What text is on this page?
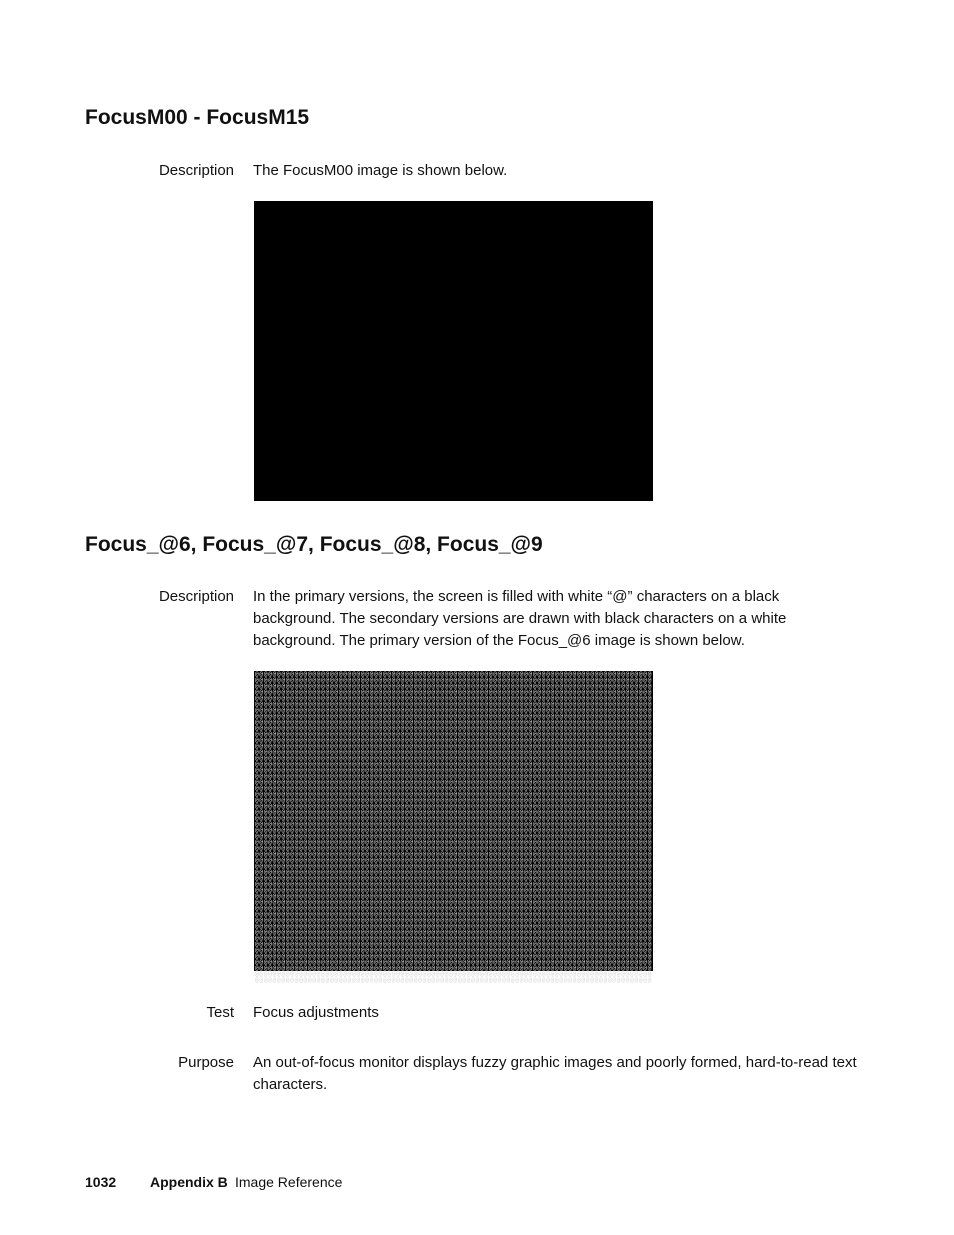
FocusM00 - FocusM15
Description The FocusM00 image is shown below.
Focus_@6, Focus_@7, Focus_@8, Focus_@9
Description In the primary versions, the screen is filled with white “@” characters on a black background. The secondary versions are drawn with black characters on a white background. The primary version of the Focus_@6 image is shown below.
@@@@@@@@@@@@@@@@@@@@@@@@@@@@@@@@@@@@@@@@@@@@@@@@@@@@@@@@@@@@@@@@@@@@@@@@@@@@@@@@@@@@@@@@@@
@@@@@@@@@@@@@@@@@@@@@@@@@@@@@@@@@@@@@@@@@@@@@@@@@@@@@@@@@@@@@@@@@@@@@@@@@@@@@@@@@@@@@@@@@@
@@@@@@@@@@@@@@@@@@@@@@@@@@@@@@@@@@@@@@@@@@@@@@@@@@@@@@@@@@@@@@@@@@@@@@@@@@@@@@@@@@@@@@@@@@
@@@@@@@@@@@@@@@@@@@@@@@@@@@@@@@@@@@@@@@@@@@@@@@@@@@@@@@@@@@@@@@@@@@@@@@@@@@@@@@@@@@@@@@@@@
@@@@@@@@@@@@@@@@@@@@@@@@@@@@@@@@@@@@@@@@@@@@@@@@@@@@@@@@@@@@@@@@@@@@@@@@@@@@@@@@@@@@@@@@@@
@@@@@@@@@@@@@@@@@@@@@@@@@@@@@@@@@@@@@@@@@@@@@@@@@@@@@@@@@@@@@@@@@@@@@@@@@@@@@@@@@@@@@@@@@@
@@@@@@@@@@@@@@@@@@@@@@@@@@@@@@@@@@@@@@@@@@@@@@@@@@@@@@@@@@@@@@@@@@@@@@@@@@@@@@@@@@@@@@@@@@
@@@@@@@@@@@@@@@@@@@@@@@@@@@@@@@@@@@@@@@@@@@@@@@@@@@@@@@@@@@@@@@@@@@@@@@@@@@@@@@@@@@@@@@@@@
@@@@@@@@@@@@@@@@@@@@@@@@@@@@@@@@@@@@@@@@@@@@@@@@@@@@@@@@@@@@@@@@@@@@@@@@@@@@@@@@@@@@@@@@@@
@@@@@@@@@@@@@@@@@@@@@@@@@@@@@@@@@@@@@@@@@@@@@@@@@@@@@@@@@@@@@@@@@@@@@@@@@@@@@@@@@@@@@@@@@@
@@@@@@@@@@@@@@@@@@@@@@@@@@@@@@@@@@@@@@@@@@@@@@@@@@@@@@@@@@@@@@@@@@@@@@@@@@@@@@@@@@@@@@@@@@
@@@@@@@@@@@@@@@@@@@@@@@@@@@@@@@@@@@@@@@@@@@@@@@@@@@@@@@@@@@@@@@@@@@@@@@@@@@@@@@@@@@@@@@@@@
@@@@@@@@@@@@@@@@@@@@@@@@@@@@@@@@@@@@@@@@@@@@@@@@@@@@@@@@@@@@@@@@@@@@@@@@@@@@@@@@@@@@@@@@@@
@@@@@@@@@@@@@@@@@@@@@@@@@@@@@@@@@@@@@@@@@@@@@@@@@@@@@@@@@@@@@@@@@@@@@@@@@@@@@@@@@@@@@@@@@@
@@@@@@@@@@@@@@@@@@@@@@@@@@@@@@@@@@@@@@@@@@@@@@@@@@@@@@@@@@@@@@@@@@@@@@@@@@@@@@@@@@@@@@@@@@
@@@@@@@@@@@@@@@@@@@@@@@@@@@@@@@@@@@@@@@@@@@@@@@@@@@@@@@@@@@@@@@@@@@@@@@@@@@@@@@@@@@@@@@@@@
@@@@@@@@@@@@@@@@@@@@@@@@@@@@@@@@@@@@@@@@@@@@@@@@@@@@@@@@@@@@@@@@@@@@@@@@@@@@@@@@@@@@@@@@@@
@@@@@@@@@@@@@@@@@@@@@@@@@@@@@@@@@@@@@@@@@@@@@@@@@@@@@@@@@@@@@@@@@@@@@@@@@@@@@@@@@@@@@@@@@@
@@@@@@@@@@@@@@@@@@@@@@@@@@@@@@@@@@@@@@@@@@@@@@@@@@@@@@@@@@@@@@@@@@@@@@@@@@@@@@@@@@@@@@@@@@
@@@@@@@@@@@@@@@@@@@@@@@@@@@@@@@@@@@@@@@@@@@@@@@@@@@@@@@@@@@@@@@@@@@@@@@@@@@@@@@@@@@@@@@@@@
@@@@@@@@@@@@@@@@@@@@@@@@@@@@@@@@@@@@@@@@@@@@@@@@@@@@@@@@@@@@@@@@@@@@@@@@@@@@@@@@@@@@@@@@@@
@@@@@@@@@@@@@@@@@@@@@@@@@@@@@@@@@@@@@@@@@@@@@@@@@@@@@@@@@@@@@@@@@@@@@@@@@@@@@@@@@@@@@@@@@@
@@@@@@@@@@@@@@@@@@@@@@@@@@@@@@@@@@@@@@@@@@@@@@@@@@@@@@@@@@@@@@@@@@@@@@@@@@@@@@@@@@@@@@@@@@
@@@@@@@@@@@@@@@@@@@@@@@@@@@@@@@@@@@@@@@@@@@@@@@@@@@@@@@@@@@@@@@@@@@@@@@@@@@@@@@@@@@@@@@@@@
@@@@@@@@@@@@@@@@@@@@@@@@@@@@@@@@@@@@@@@@@@@@@@@@@@@@@@@@@@@@@@@@@@@@@@@@@@@@@@@@@@@@@@@@@@
@@@@@@@@@@@@@@@@@@@@@@@@@@@@@@@@@@@@@@@@@@@@@@@@@@@@@@@@@@@@@@@@@@@@@@@@@@@@@@@@@@@@@@@@@@
@@@@@@@@@@@@@@@@@@@@@@@@@@@@@@@@@@@@@@@@@@@@@@@@@@@@@@@@@@@@@@@@@@@@@@@@@@@@@@@@@@@@@@@@@@
@@@@@@@@@@@@@@@@@@@@@@@@@@@@@@@@@@@@@@@@@@@@@@@@@@@@@@@@@@@@@@@@@@@@@@@@@@@@@@@@@@@@@@@@@@
@@@@@@@@@@@@@@@@@@@@@@@@@@@@@@@@@@@@@@@@@@@@@@@@@@@@@@@@@@@@@@@@@@@@@@@@@@@@@@@@@@@@@@@@@@
@@@@@@@@@@@@@@@@@@@@@@@@@@@@@@@@@@@@@@@@@@@@@@@@@@@@@@@@@@@@@@@@@@@@@@@@@@@@@@@@@@@@@@@@@@
@@@@@@@@@@@@@@@@@@@@@@@@@@@@@@@@@@@@@@@@@@@@@@@@@@@@@@@@@@@@@@@@@@@@@@@@@@@@@@@@@@@@@@@@@@
@@@@@@@@@@@@@@@@@@@@@@@@@@@@@@@@@@@@@@@@@@@@@@@@@@@@@@@@@@@@@@@@@@@@@@@@@@@@@@@@@@@@@@@@@@
@@@@@@@@@@@@@@@@@@@@@@@@@@@@@@@@@@@@@@@@@@@@@@@@@@@@@@@@@@@@@@@@@@@@@@@@@@@@@@@@@@@@@@@@@@
@@@@@@@@@@@@@@@@@@@@@@@@@@@@@@@@@@@@@@@@@@@@@@@@@@@@@@@@@@@@@@@@@@@@@@@@@@@@@@@@@@@@@@@@@@
@@@@@@@@@@@@@@@@@@@@@@@@@@@@@@@@@@@@@@@@@@@@@@@@@@@@@@@@@@@@@@@@@@@@@@@@@@@@@@@@@@@@@@@@@@
@@@@@@@@@@@@@@@@@@@@@@@@@@@@@@@@@@@@@@@@@@@@@@@@@@@@@@@@@@@@@@@@@@@@@@@@@@@@@@@@@@@@@@@@@@
@@@@@@@@@@@@@@@@@@@@@@@@@@@@@@@@@@@@@@@@@@@@@@@@@@@@@@@@@@@@@@@@@@@@@@@@@@@@@@@@@@@@@@@@@@
@@@@@@@@@@@@@@@@@@@@@@@@@@@@@@@@@@@@@@@@@@@@@@@@@@@@@@@@@@@@@@@@@@@@@@@@@@@@@@@@@@@@@@@@@@
@@@@@@@@@@@@@@@@@@@@@@@@@@@@@@@@@@@@@@@@@@@@@@@@@@@@@@@@@@@@@@@@@@@@@@@@@@@@@@@@@@@@@@@@@@
@@@@@@@@@@@@@@@@@@@@@@@@@@@@@@@@@@@@@@@@@@@@@@@@@@@@@@@@@@@@@@@@@@@@@@@@@@@@@@@@@@@@@@@@@@
@@@@@@@@@@@@@@@@@@@@@@@@@@@@@@@@@@@@@@@@@@@@@@@@@@@@@@@@@@@@@@@@@@@@@@@@@@@@@@@@@@@@@@@@@@
@@@@@@@@@@@@@@@@@@@@@@@@@@@@@@@@@@@@@@@@@@@@@@@@@@@@@@@@@@@@@@@@@@@@@@@@@@@@@@@@@@@@@@@@@@
@@@@@@@@@@@@@@@@@@@@@@@@@@@@@@@@@@@@@@@@@@@@@@@@@@@@@@@@@@@@@@@@@@@@@@@@@@@@@@@@@@@@@@@@@@
@@@@@@@@@@@@@@@@@@@@@@@@@@@@@@@@@@@@@@@@@@@@@@@@@@@@@@@@@@@@@@@@@@@@@@@@@@@@@@@@@@@@@@@@@@
@@@@@@@@@@@@@@@@@@@@@@@@@@@@@@@@@@@@@@@@@@@@@@@@@@@@@@@@@@@@@@@@@@@@@@@@@@@@@@@@@@@@@@@@@@
@@@@@@@@@@@@@@@@@@@@@@@@@@@@@@@@@@@@@@@@@@@@@@@@@@@@@@@@@@@@@@@@@@@@@@@@@@@@@@@@@@@@@@@@@@
@@@@@@@@@@@@@@@@@@@@@@@@@@@@@@@@@@@@@@@@@@@@@@@@@@@@@@@@@@@@@@@@@@@@@@@@@@@@@@@@@@@@@@@@@@
@@@@@@@@@@@@@@@@@@@@@@@@@@@@@@@@@@@@@@@@@@@@@@@@@@@@@@@@@@@@@@@@@@@@@@@@@@@@@@@@@@@@@@@@@@
@@@@@@@@@@@@@@@@@@@@@@@@@@@@@@@@@@@@@@@@@@@@@@@@@@@@@@@@@@@@@@@@@@@@@@@@@@@@@@@@@@@@@@@@@@
@@@@@@@@@@@@@@@@@@@@@@@@@@@@@@@@@@@@@@@@@@@@@@@@@@@@@@@@@@@@@@@@@@@@@@@@@@@@@@@@@@@@@@@@@@
@@@@@@@@@@@@@@@@@@@@@@@@@@@@@@@@@@@@@@@@@@@@@@@@@@@@@@@@@@@@@@@@@@@@@@@@@@@@@@@@@@@@@@@@@@
@@@@@@@@@@@@@@@@@@@@@@@@@@@@@@@@@@@@@@@@@@@@@@@@@@@@@@@@@@@@@@@@@@@@@@@@@@@@@@@@@@@@@@@@@@
Test Focus adjustments
Purpose An out-of-focus monitor displays fuzzy graphic images and poorly formed, hard-to-read text characters.
1032 Appendix B Image Reference
